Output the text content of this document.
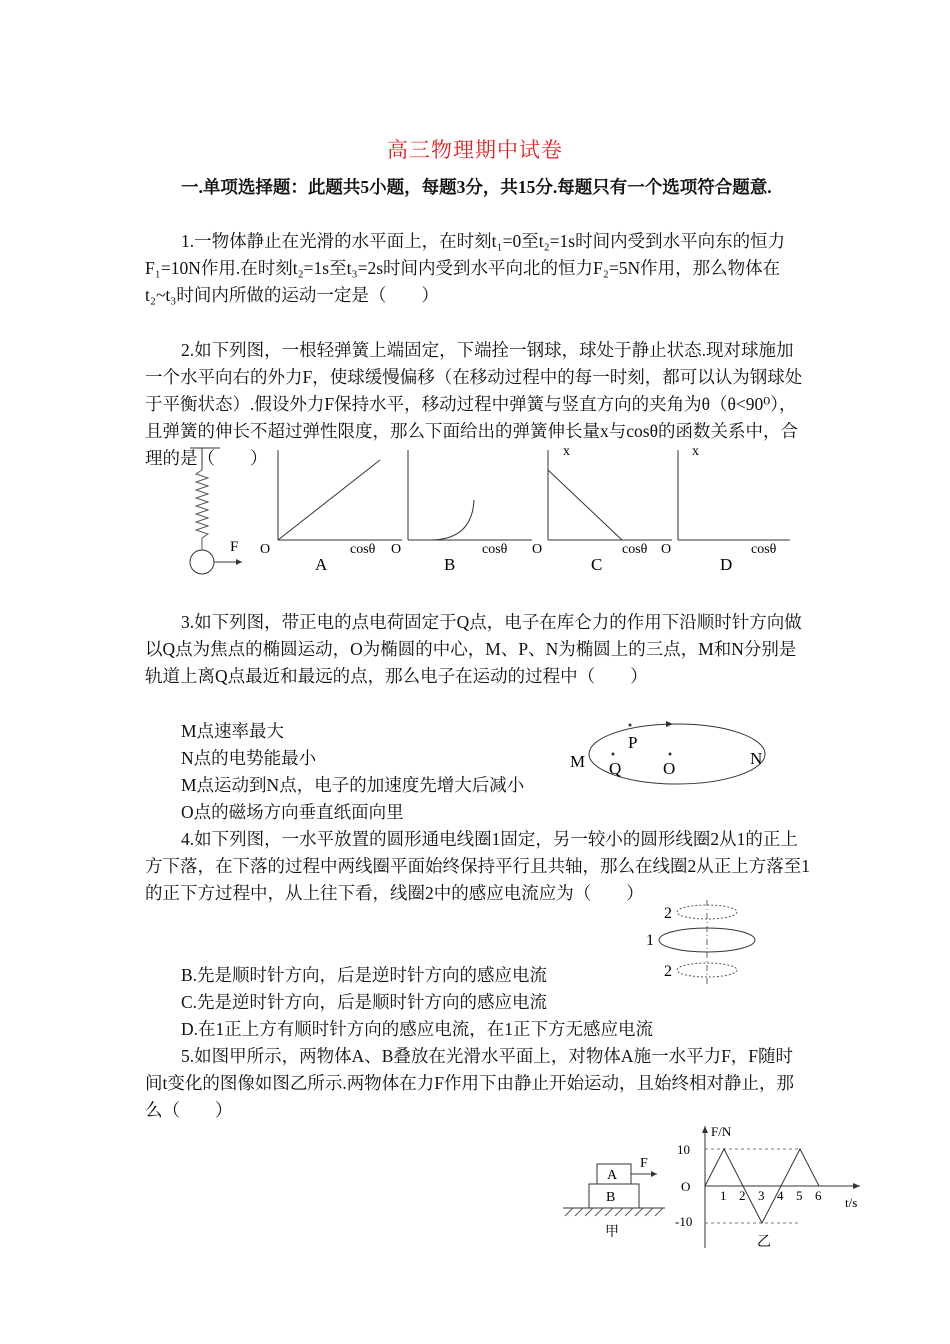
高三物理期中试卷
一.单项选择题：此题共5小题，每题3分，共15分.每题只有一个选项符合题意.
1.一物体静止在光滑的水平面上，在时刻t₁=0至t₂=1s时间内受到水平向东的恒力F₁=10N作用.在时刻t₂=1s至t₃=2s时间内受到水平向北的恒力F₂=5N作用，那么物体在t₂~t₃时间内所做的运动一定是（　　）
2.如下列图，一根轻弹簧上端固定，下端拴一钢球，球处于静止状态.现对球施加一个水平向右的外力F，使球缓慢偏移（在移动过程中的每一时刻，都可以认为钢球处于平衡状态）.假设外力F保持水平，移动过程中弹簧与竖直方向的夹角为θ（θ<90⁰），且弹簧的伸长不超过弹性限度，那么下面给出的弹簧伸长量x与cosθ的函数关系中，合理的是（　　）
F O	cosθ
A
O	cosθ
B
x
O	cosθ
C
x
O	cosθ
D
3.如下列图，带正电的点电荷固定于Q点，电子在库仑力的作用下沿顺时针方向做以Q点为焦点的椭圆运动，O为椭圆的中心，M、P、N为椭圆上的三点，M和N分别是轨道上离Q点最近和最远的点，那么电子在运动的过程中（　　）
M点速率最大
N点的电势能最小
M点运动到N点，电子的加速度先增大后减小
O点的磁场方向垂直纸面向里
M
P
Q O
N
4.如下列图，一水平放置的圆形通电线圈1固定，另一较小的圆形线圈2从1的正上方下落，在下落的过程中两线圈平面始终保持平行且共轴，那么在线圈2从正上方落至1的正下方过程中，从上往下看，线圈2中的感应电流应为（　　）
B.先是顺时针方向，后是逆时针方向的感应电流
C.先是逆时针方向，后是顺时针方向的感应电流
D.在1正上方有顺时针方向的感应电流，在1正下方无感应电流
2
1
2
5.如图甲所示，两物体A、B叠放在光滑水平面上，对物体A施一水平力F，F随时间t变化的图像如图乙所示.两物体在力F作用下由静止开始运动，且始终相对静止，那么（　　）
A
B
F
甲
1 2 3 4 5 6
F/N
t/s
O
10
-10
乙
